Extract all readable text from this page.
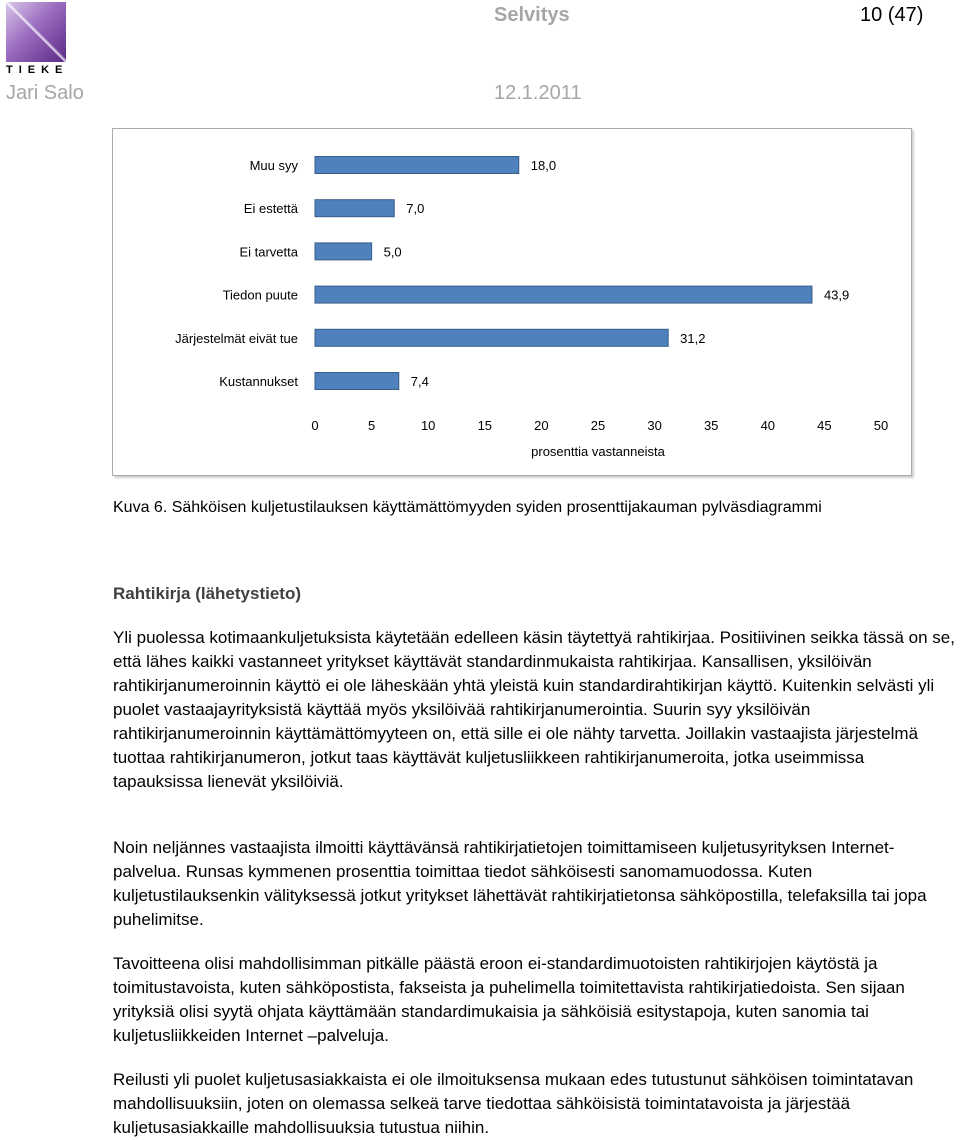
TIEKE
Selvitys	10 (47)
Jari Salo	12.1.2011
Muu syy	18,0
Ei estettä	7,0
Ei tarvetta	5,0
Tiedon puute	43,9
Järjestelmät eivät tue	31,2
Kustannukset	7,4
0	5	10	15	20	25	30	35	40	45	50
prosenttia vastanneista
Kuva 6. Sähköisen kuljetustilauksen käyttämättömyyden syiden prosenttijakauman pylväsdiagrammi
Rahtikirja (lähetystieto)

Yli puolessa kotimaankuljetuksista käytetään edelleen käsin täytettyä rahtikirjaa. Positiivinen seikka tässä on se, että lähes kaikki vastanneet yritykset käyttävät standardinmukaista rahtikirjaa. Kansallisen, yksilöivän rahtikirjanumeroinnin käyttö ei ole läheskään yhtä yleistä kuin standardirahtikirjan käyttö. Kuitenkin selvästi yli puolet vastaajayrityksistä käyttää myös yksilöivää rahtikirjanumerointia. Suurin syy yksilöivän rahtikirjanumeroinnin käyttämättömyyteen on, että sille ei ole nähty tarvetta. Joillakin vastaajista järjestelmä tuottaa rahtikirjanumeron, jotkut taas käyttävät kuljetusliikkeen rahtikirjanumeroita, jotka useimmissa tapauksissa lienevät yksilöiviä.

Noin neljännes vastaajista ilmoitti käyttävänsä rahtikirjatietojen toimittamiseen kuljetusyrityksen Internet-palvelua. Runsas kymmenen prosenttia toimittaa tiedot sähköisesti sanomamuodossa. Kuten kuljetustilauksenkin välityksessä jotkut yritykset lähettävät rahtikirjatietonsa sähköpostilla, telefaksilla tai jopa puhelimitse.

Tavoitteena olisi mahdollisimman pitkälle päästä eroon ei-standardimuotoisten rahtikirjojen käytöstä ja toimitustavoista, kuten sähköpostista, fakseista ja puhelimella toimitettavista rahtikirjatiedoista. Sen sijaan yrityksiä olisi syytä ohjata käyttämään standardimukaisia ja sähköisiä esitystapoja, kuten sanomia tai kuljetusliikkeiden Internet –palveluja.

Reilusti yli puolet kuljetusasiakkaista ei ole ilmoituksensa mukaan edes tutustunut sähköisen toimintatavan mahdollisuuksiin, joten on olemassa selkeä tarve tiedottaa sähköisistä toimintatavoista ja järjestää kuljetusasiakkaille mahdollisuuksia tutustua niihin.
